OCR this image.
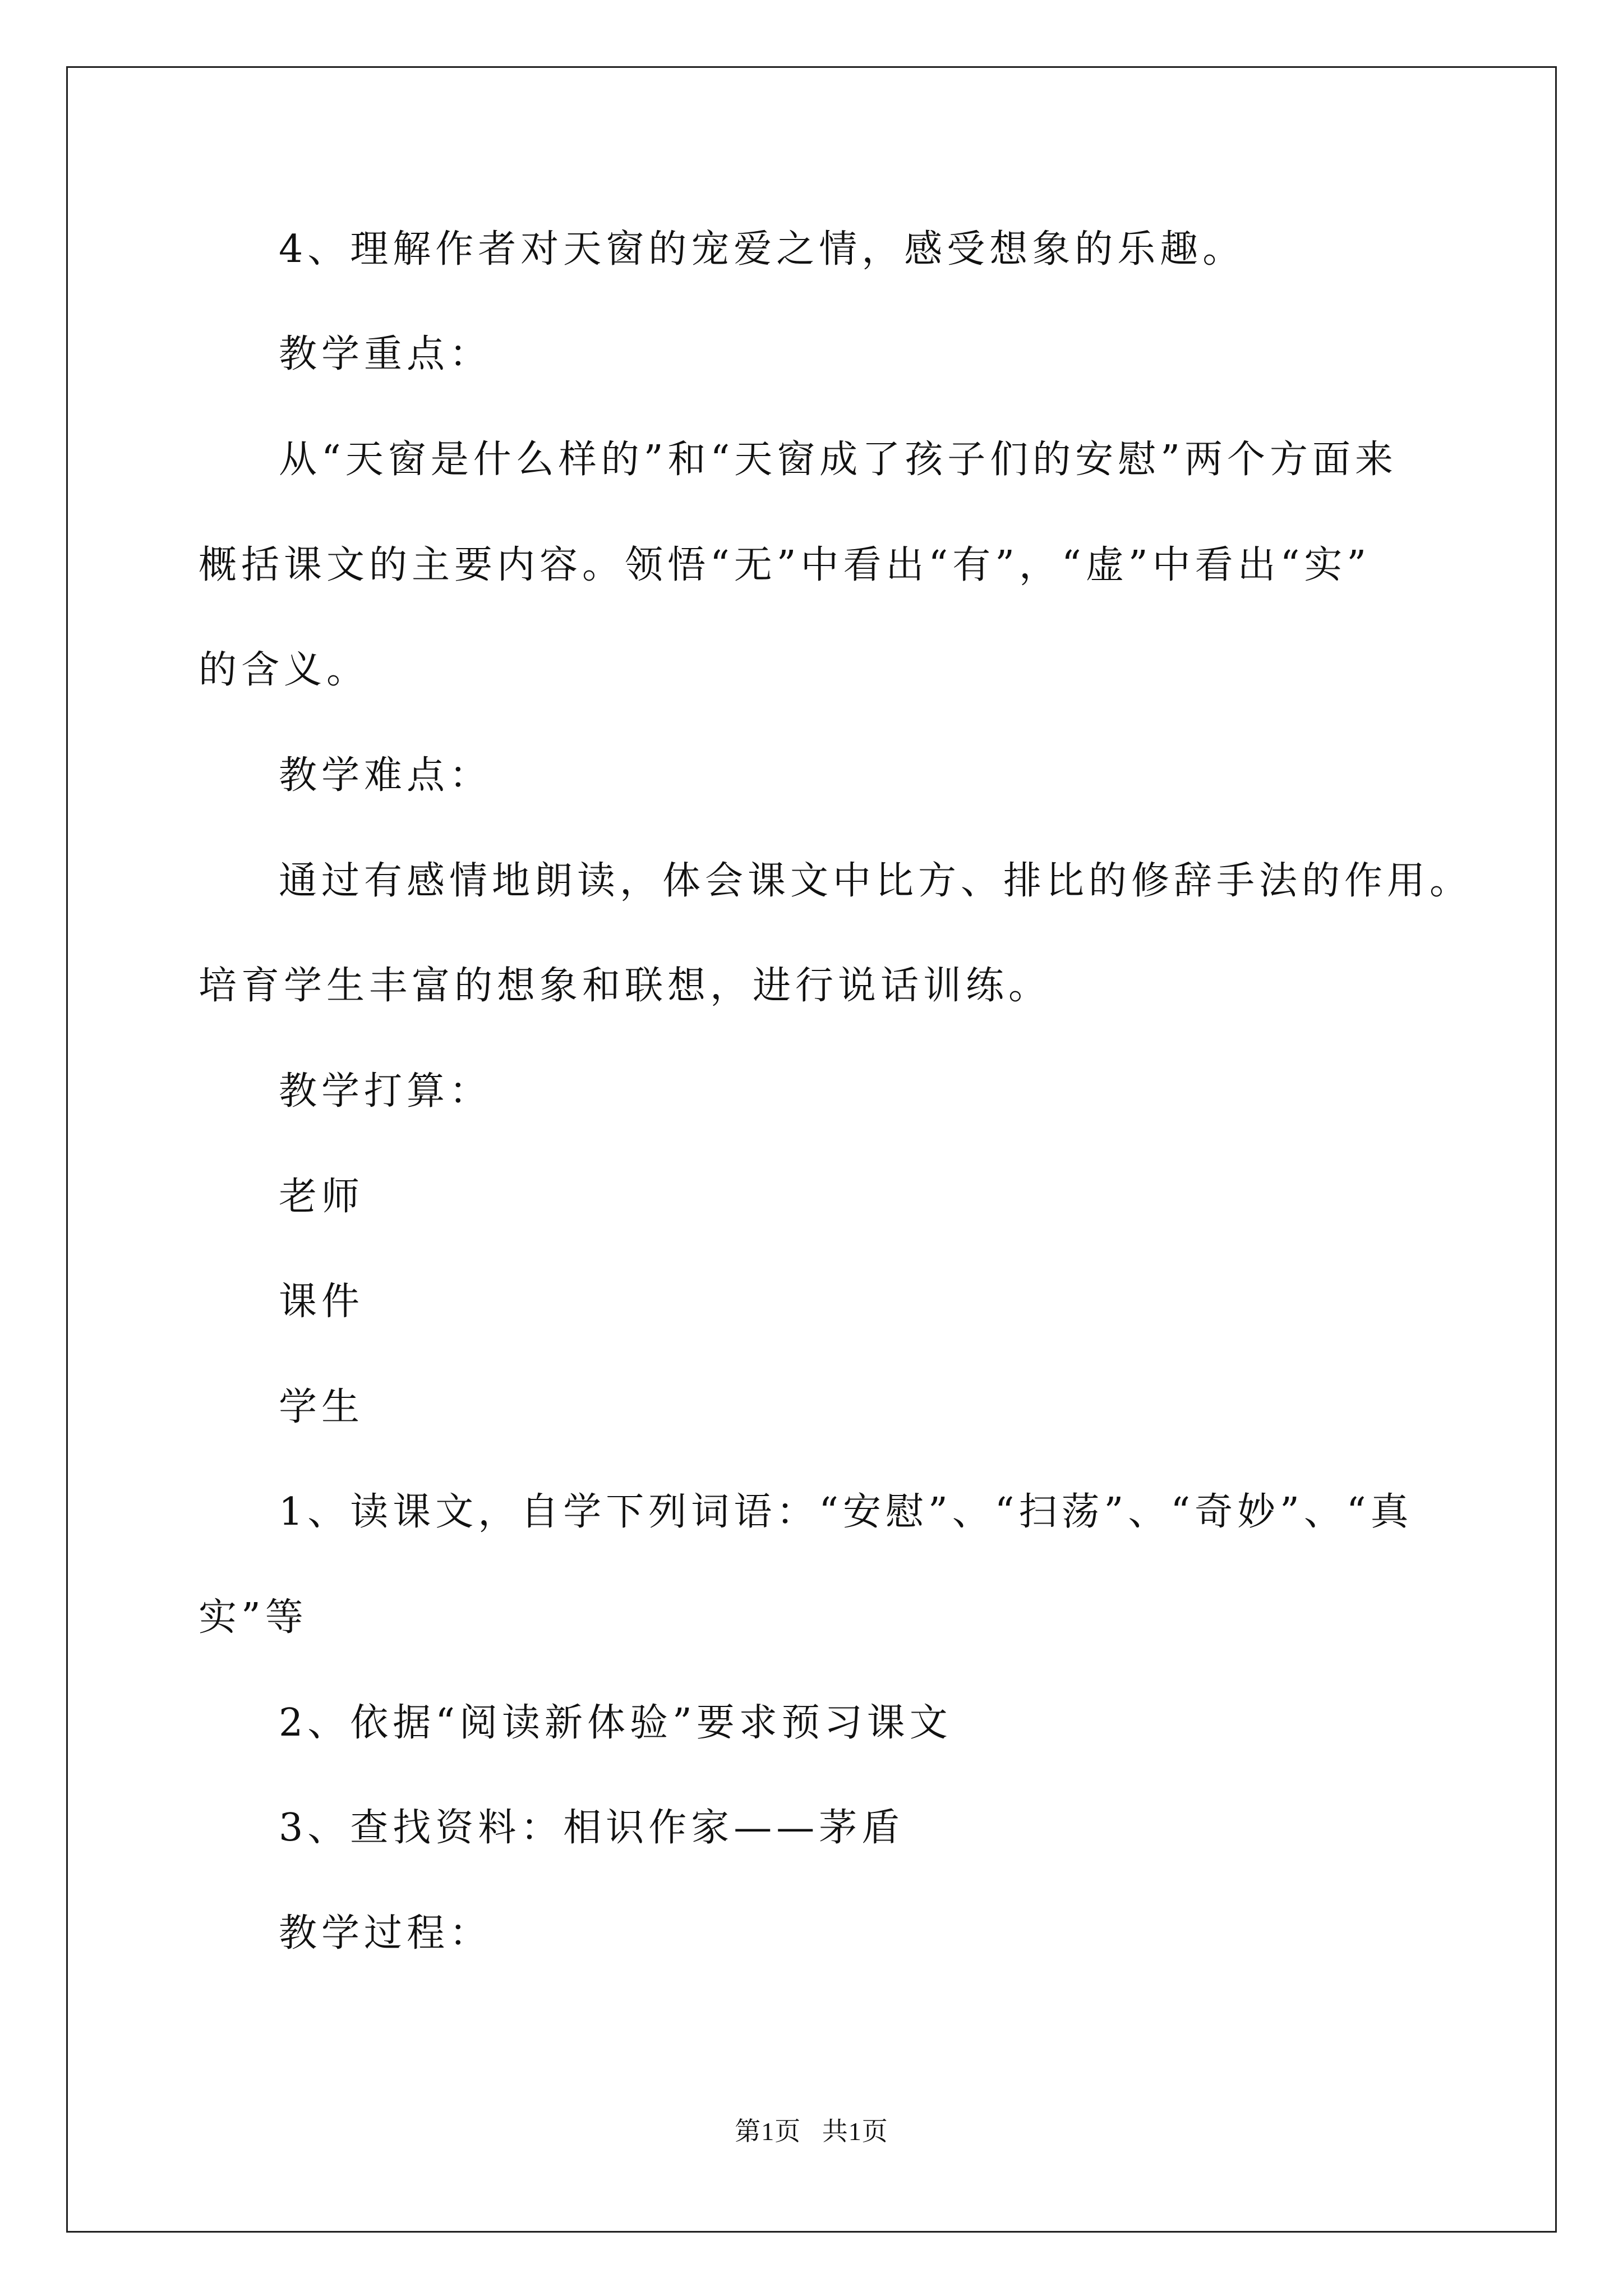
4、理解作者对天窗的宠爱之情，感受想象的乐趣。

教学重点：

从“天窗是什么样的”和“天窗成了孩子们的安慰”两个方面来

概括课文的主要内容。领悟“无”中看出“有”，“虚”中看出“实”

的含义。

教学难点：

通过有感情地朗读，体会课文中比方、排比的修辞手法的作用。

培育学生丰富的想象和联想，进行说话训练。

教学打算：

老师

课件

学生

1、读课文，自学下列词语：“安慰”、“扫荡”、“奇妙”、“真

实”等

2、依据“阅读新体验”要求预习课文

3、查找资料：相识作家——茅盾

教学过程：

第1页   共1页
